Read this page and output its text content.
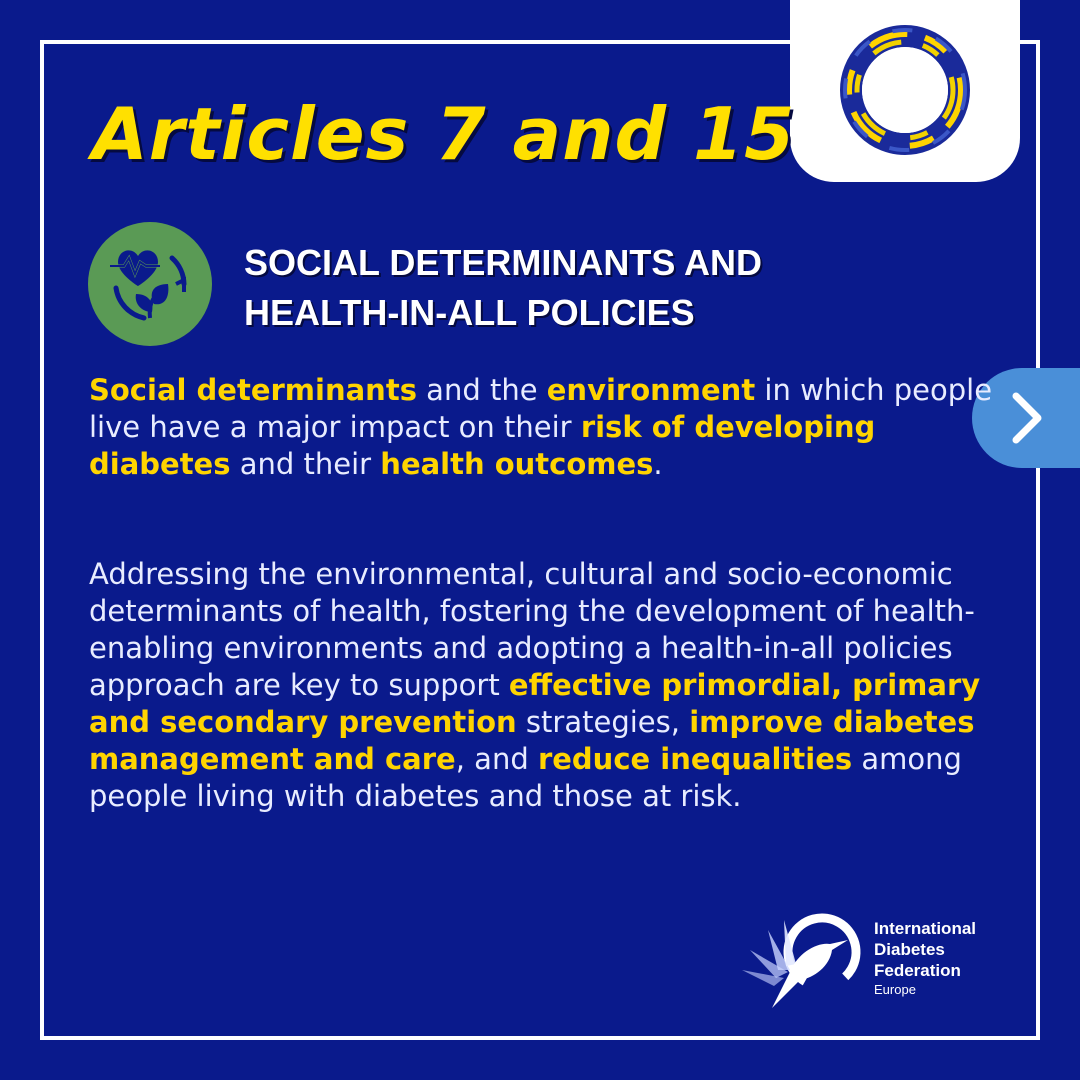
Articles 7 and 15
SOCIAL DETERMINANTS AND
HEALTH-IN-ALL POLICIES

Social determinants and the environment in which people live have a major impact on their risk of developing diabetes and their health outcomes.

Addressing the environmental, cultural and socio-economic determinants of health, fostering the development of health-enabling environments and adopting a health-in-all policies approach are key to support effective primordial, primary and secondary prevention strategies, improve diabetes management and care, and reduce inequalities among people living with diabetes and those at risk.

International
Diabetes
Federation
Europe
